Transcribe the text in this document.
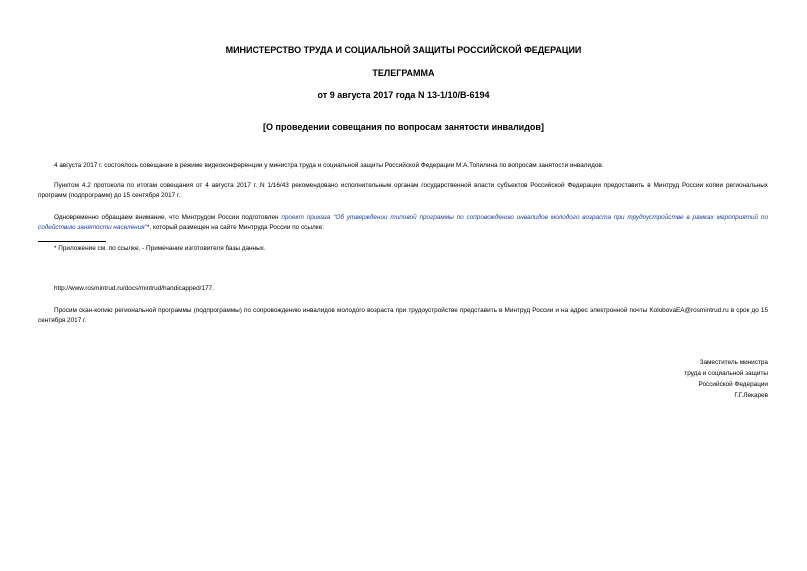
МИНИСТЕРСТВО ТРУДА И СОЦИАЛЬНОЙ ЗАЩИТЫ РОССИЙСКОЙ ФЕДЕРАЦИИ
ТЕЛЕГРАММА
от 9 августа 2017 года N 13-1/10/В-6194
[О проведении совещания по вопросам занятости инвалидов]
4 августа 2017 г. состоялось совещание в режиме видеоконференции у министра труда и социальной защиты Российской Федерации М.А.Топилина по вопросам занятости инвалидов.
Пунктом 4.2 протокола по итогам совещания от 4 августа 2017 г. N 1/16/43 рекомендовано исполнительным органам государственной власти субъектов Российской Федерации предоставить в Минтруд России копии региональных программ (подпрограмм) до 15 сентября 2017 г.
Одновременно обращаем внимание, что Минтрудом России подготовлен проект приказа "Об утверждении типовой программы по сопровождению инвалидов молодого возраста при трудоустройстве в рамках мероприятий по содействию занятости населения"*, который размещен на сайте Минтруда России по ссылке:
* Приложение см. по ссылке. - Примечание изготовителя базы данных.
http://www.rosmintrud.ru/docs/mintrud/handicapped/177.
Просим скан-копию региональной программы (подпрограммы) по сопровождению инвалидов молодого возраста при трудоустройстве представить в Минтруд России и на адрес электронной почты KolobovaEA@rosmintrud.ru в срок до 15 сентября 2017 г.
Заместитель министра
труда и социальной защиты
Российской Федерации
Г.Г.Лекарев
